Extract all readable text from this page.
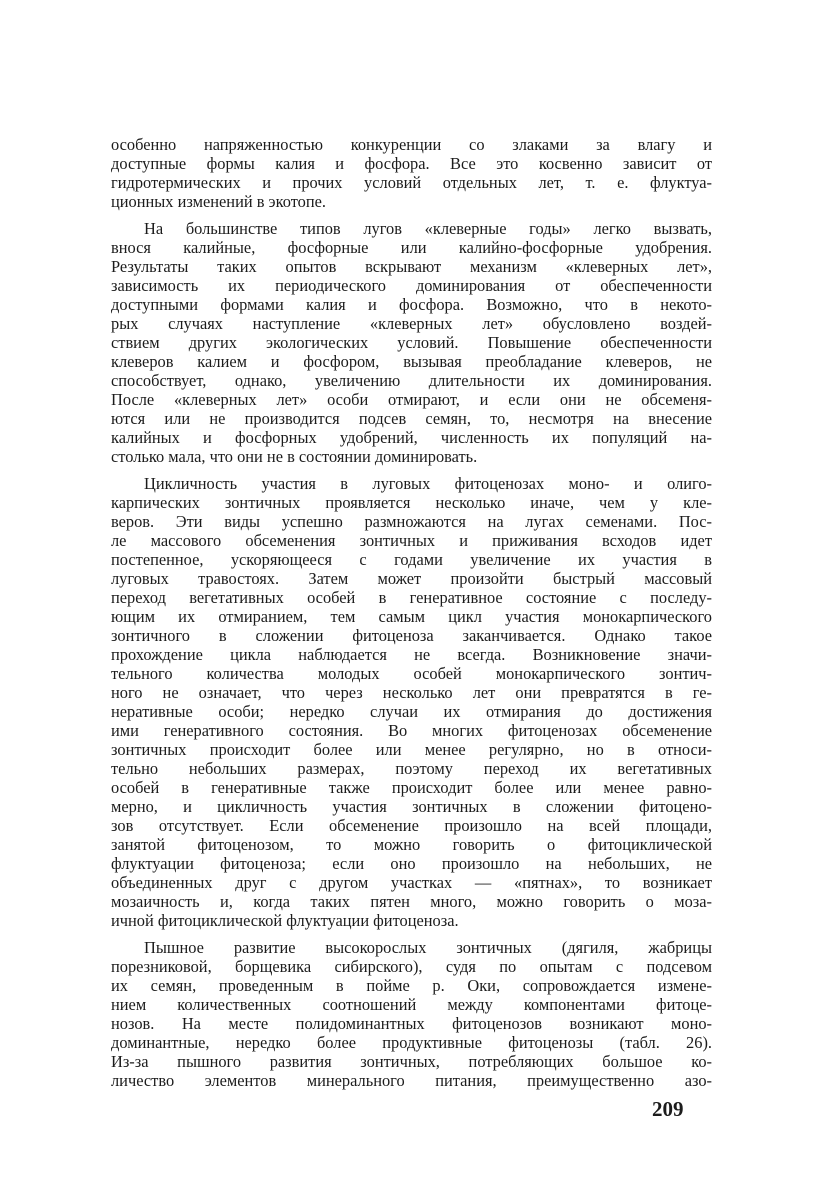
особенно напряженностью конкуренции со злаками за влагу и
доступные формы калия и фосфора. Все это косвенно зависит от
гидротермических и прочих условий отдельных лет, т. е. флуктуа-
ционных изменений в экотопе.
На большинстве типов лугов «клеверные годы» легко вызвать,
внося калийные, фосфорные или калийно-фосфорные удобрения.
Результаты таких опытов вскрывают механизм «клеверных лет»,
зависимость их периодического доминирования от обеспеченности
доступными формами калия и фосфора. Возможно, что в некото-
рых случаях наступление «клеверных лет» обусловлено воздей-
ствием других экологических условий. Повышение обеспеченности
клеверов калием и фосфором, вызывая преобладание клеверов, не
способствует, однако, увеличению длительности их доминирования.
После «клеверных лет» особи отмирают, и если они не обсеменя-
ются или не производится подсев семян, то, несмотря на внесение
калийных и фосфорных удобрений, численность их популяций на-
столько мала, что они не в состоянии доминировать.
Цикличность участия в луговых фитоценозах моно- и олиго-
карпических зонтичных проявляется несколько иначе, чем у кле-
веров. Эти виды успешно размножаются на лугах семенами. Пос-
ле массового обсеменения зонтичных и приживания всходов идет
постепенное, ускоряющееся с годами увеличение их участия в
луговых травостоях. Затем может произойти быстрый массовый
переход вегетативных особей в генеративное состояние с последу-
ющим их отмиранием, тем самым цикл участия монокарпического
зонтичного в сложении фитоценоза заканчивается. Однако такое
прохождение цикла наблюдается не всегда. Возникновение значи-
тельного количества молодых особей монокарпического зонтич-
ного не означает, что через несколько лет они превратятся в ге-
неративные особи; нередко случаи их отмирания до достижения
ими генеративного состояния. Во многих фитоценозах обсеменение
зонтичных происходит более или менее регулярно, но в относи-
тельно небольших размерах, поэтому переход их вегетативных
особей в генеративные также происходит более или менее равно-
мерно, и цикличность участия зонтичных в сложении фитоцено-
зов отсутствует. Если обсеменение произошло на всей площади,
занятой фитоценозом, то можно говорить о фитоциклической
флуктуации фитоценоза; если оно произошло на небольших, не
объединенных друг с другом участках — «пятнах», то возникает
мозаичность и, когда таких пятен много, можно говорить о моза-
ичной фитоциклической флуктуации фитоценоза.
Пышное развитие высокорослых зонтичных (дягиля, жабрицы
порезниковой, борщевика сибирского), судя по опытам с подсевом
их семян, проведенным в пойме р. Оки, сопровождается измене-
нием количественных соотношений между компонентами фитоце-
нозов. На месте полидоминантных фитоценозов возникают моно-
доминантные, нередко более продуктивные фитоценозы (табл. 26).
Из-за пышного развития зонтичных, потребляющих большое ко-
личество элементов минерального питания, преимущественно азо-
209
